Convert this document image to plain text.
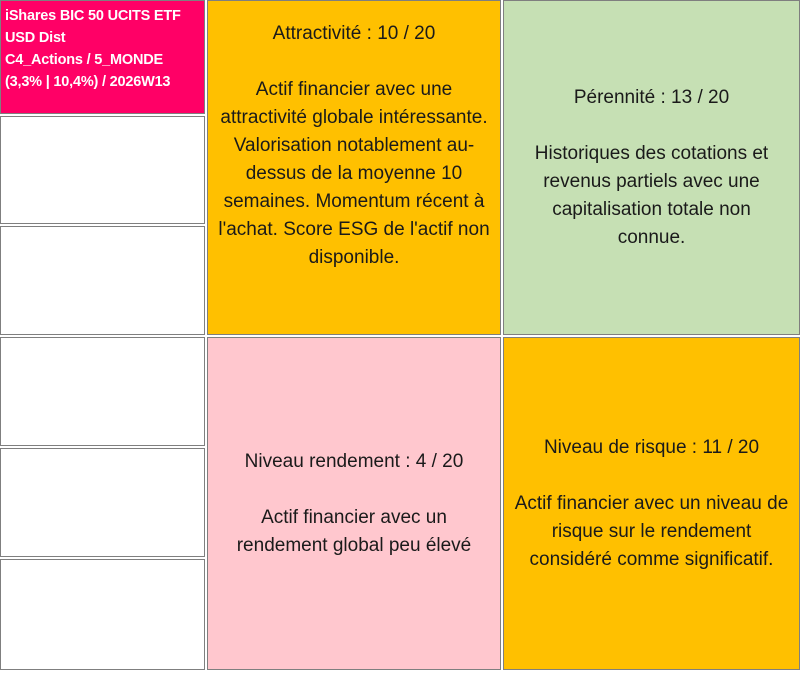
iShares BIC 50 UCITS ETF
USD Dist
C4_Actions / 5_MONDE
(3,3% | 10,4%) / 2026W13
Attractivité : 10 / 20
Actif financier avec une attractivité globale intéressante. Valorisation notablement au-dessus de la moyenne 10 semaines. Momentum récent à l'achat. Score ESG de l'actif non disponible.
Pérennité : 13 / 20
Historiques des cotations et revenus partiels avec une capitalisation totale non connue.
Niveau rendement : 4 / 20
Actif financier avec un rendement global peu élevé
Niveau de risque : 11 / 20
Actif financier avec un niveau de risque sur le rendement considéré comme significatif.
